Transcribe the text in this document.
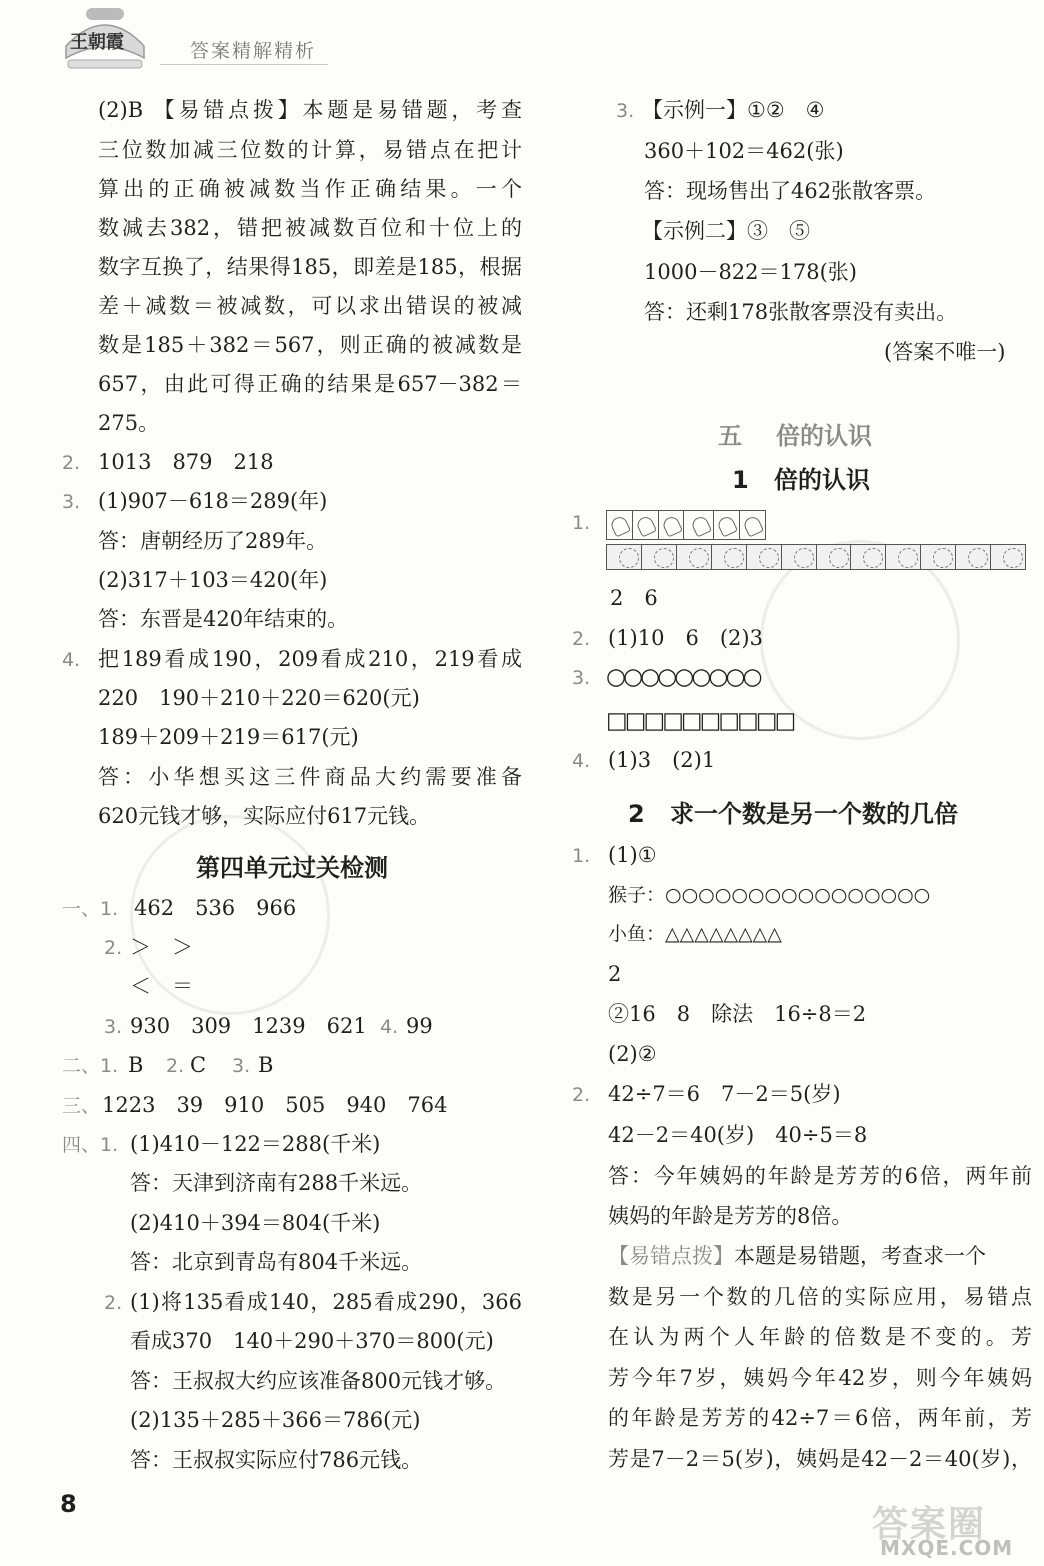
王朝霞	答案精解精析
(2)B 【易错点拨】本题是易错题，考查
三位数加减三位数的计算，易错点在把计
算出的正确被减数当作正确结果。一个
数减去382，错把被减数百位和十位上的
数字互换了，结果得185，即差是185，根据
差＋减数＝被减数，可以求出错误的被减
数是185＋382＝567，则正确的被减数是
657，由此可得正确的结果是657－382＝
275。
2. 1013　879　218
3. (1)907－618＝289(年)
答：唐朝经历了289年。
(2)317＋103＝420(年)
答：东晋是420年结束的。
4. 把189看成190，209看成210，219看成
220　190＋210＋220＝620(元)
189＋209＋219＝617(元)
答：小华想买这三件商品大约需要准备
620元钱才够，实际应付617元钱。
第四单元过关检测
一、1. 462　536　966
2. ＞　＞
＜　＝
3. 930　309　1239　621 4. 99
二、1. B 2. C 3. B
三、 1223　39　910　505　940　764
四、1. (1)410－122＝288(千米)
答：天津到济南有288千米远。
(2)410＋394＝804(千米)
答：北京到青岛有804千米远。
2. (1)将135看成140，285看成290，366
看成370　140＋290＋370＝800(元)
答：王叔叔大约应该准备800元钱才够。
(2)135＋285＋366＝786(元)
答：王叔叔实际应付786元钱。
3. 【示例一】①②　④
360＋102＝462(张)
答：现场售出了462张散客票。
【示例二】③　⑤
1000－822＝178(张)
答：还剩178张散客票没有卖出。
(答案不唯一)
五 倍的认识
1 倍的认识
1.
2　6
2. (1)10　6　(2)3
3. ○○○○○○○○○
□□□□□□□□□□
4. (1)3　(2)1
2 求一个数是另一个数的几倍
1. (1)①
猴子：○○○○○○○○○○○○○○○○
小鱼：△△△△△△△△
2
②16　8　除法　16÷8＝2
(2)②
2. 42÷7＝6　7－2＝5(岁)
42－2＝40(岁)　40÷5＝8
答：今年姨妈的年龄是芳芳的6倍，两年前
姨妈的年龄是芳芳的8倍。
【易错点拨】本题是易错题，考查求一个
数是另一个数的几倍的实际应用，易错点
在认为两个人年龄的倍数是不变的。芳
芳今年7岁，姨妈今年42岁，则今年姨妈
的年龄是芳芳的42÷7＝6倍，两年前，芳
芳是7－2＝5(岁)，姨妈是42－2＝40(岁)，
8	答案圈
MXQE.COM
